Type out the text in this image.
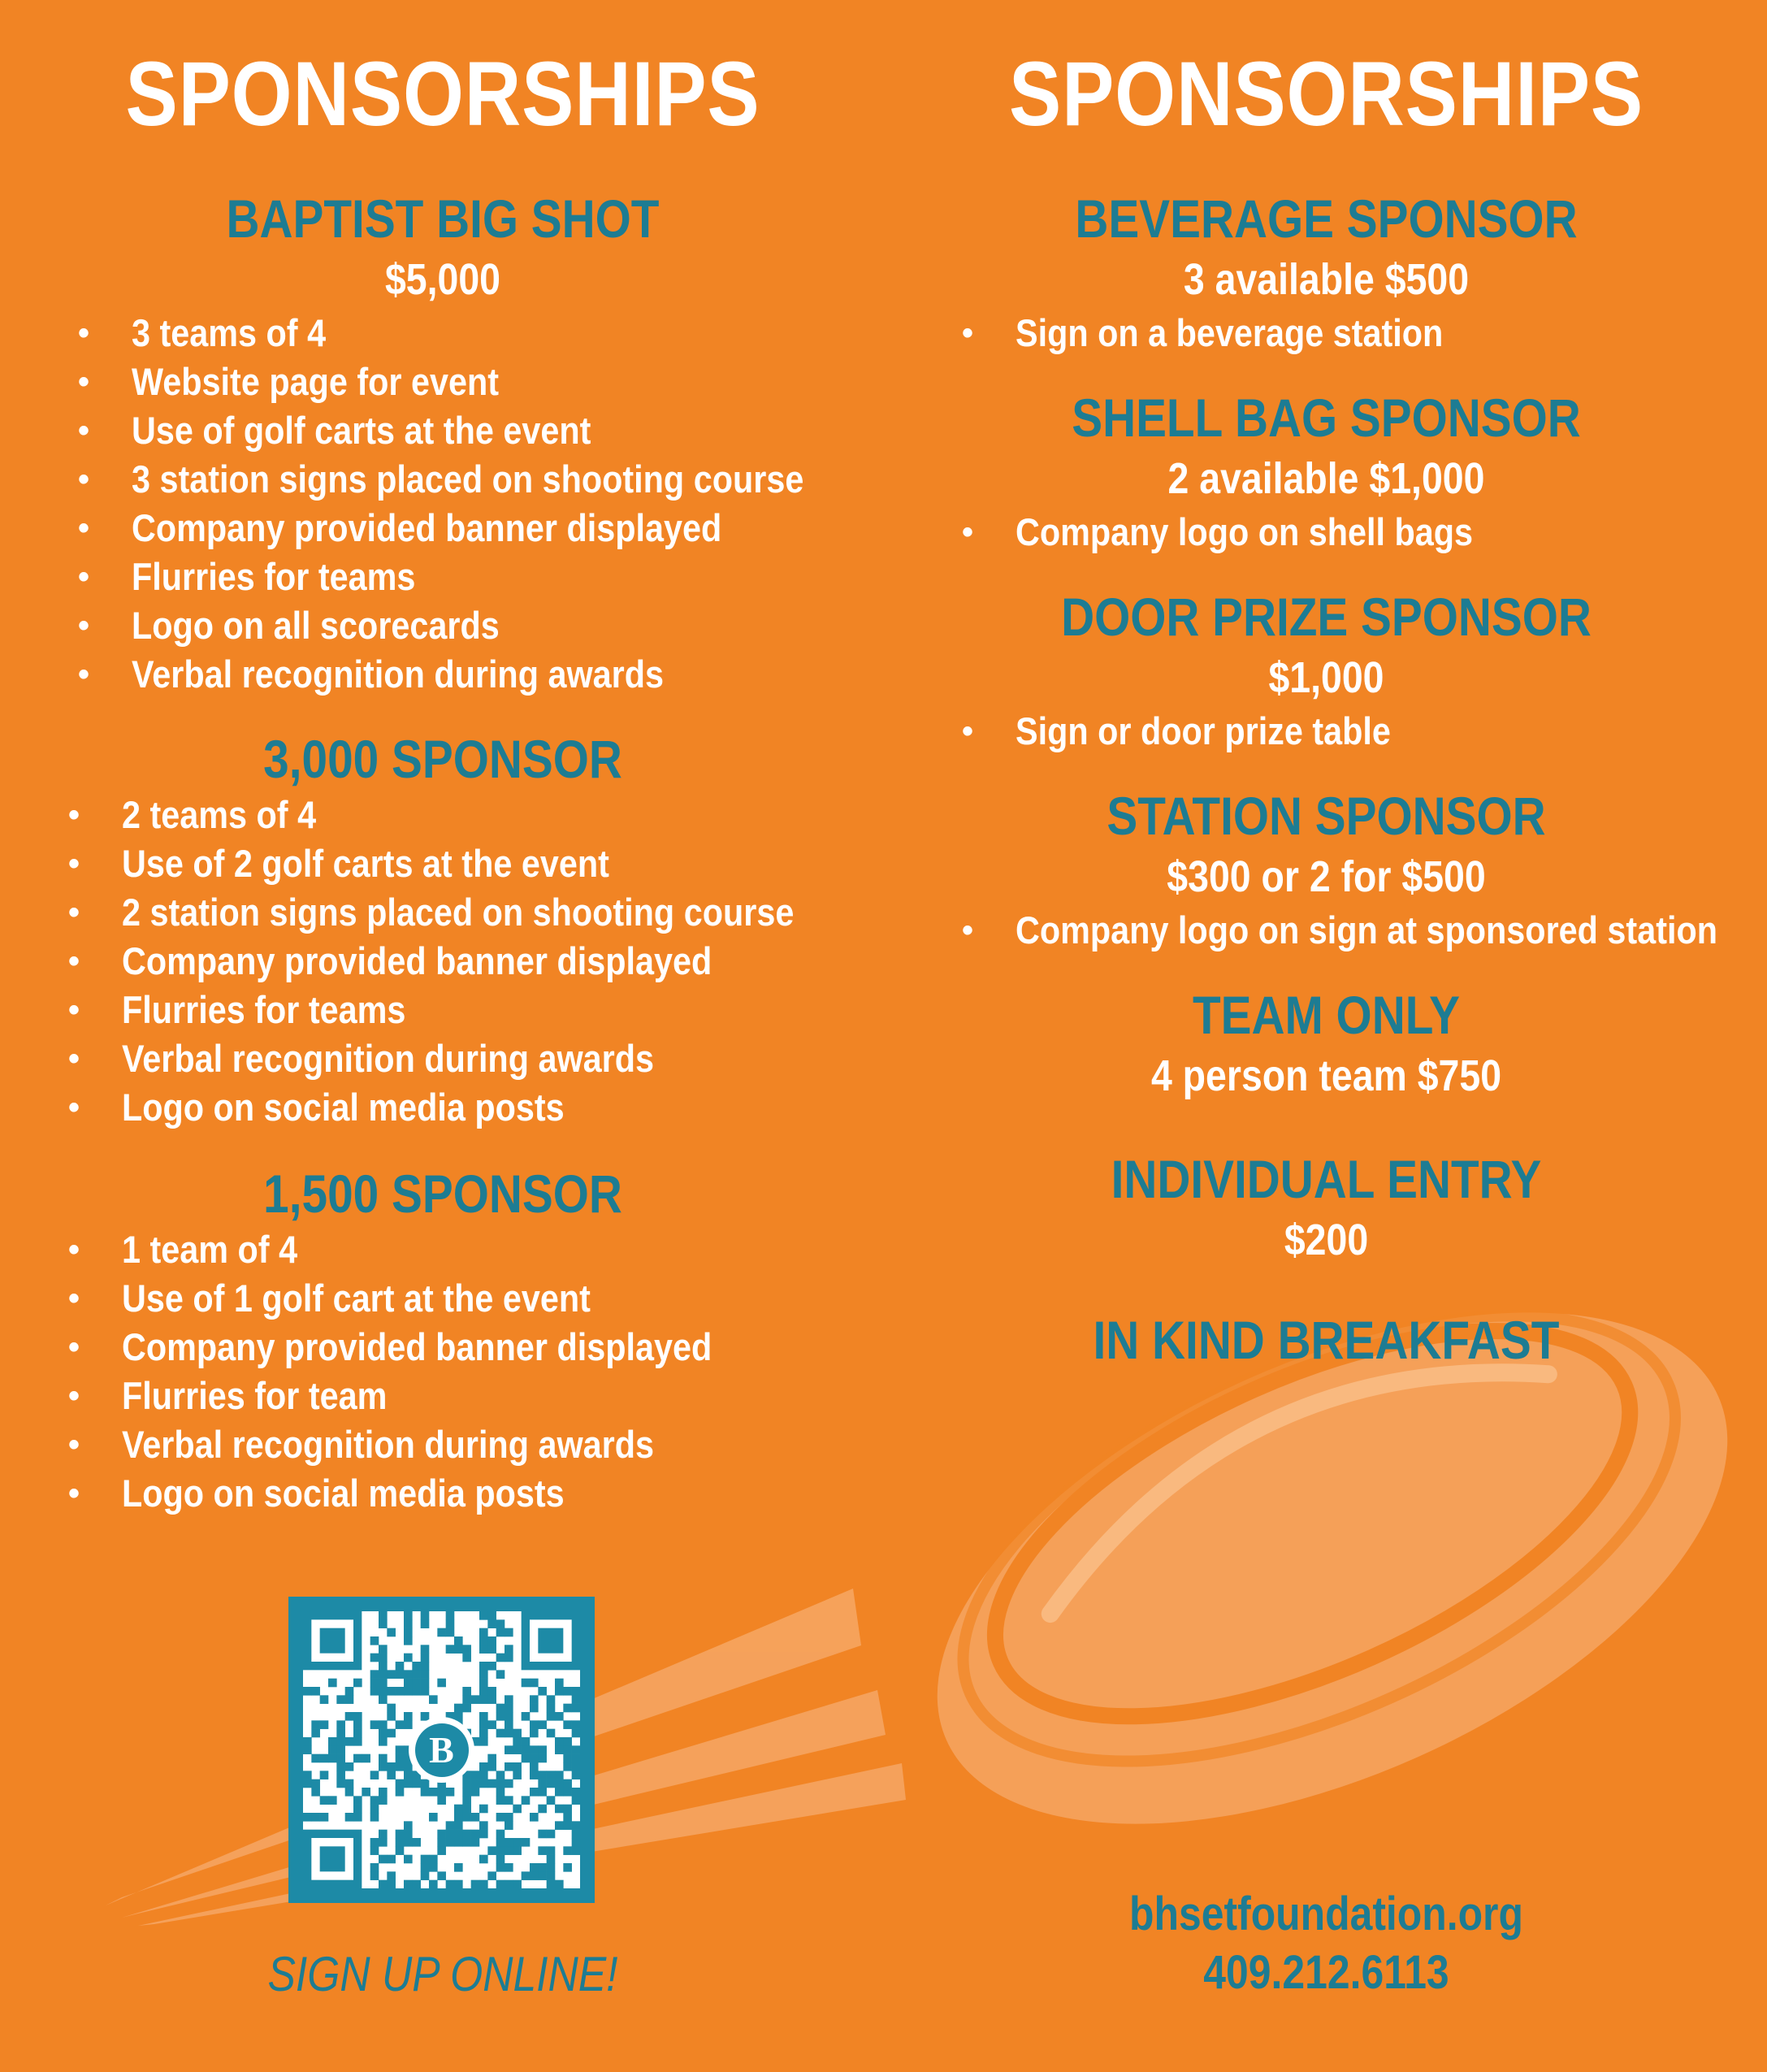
SPONSORSHIPS
BAPTIST BIG SHOT
$5,000
• 3 teams of 4
• Website page for event
• Use of golf carts at the event
• 3 station signs placed on shooting course
• Company provided banner displayed
• Flurries for teams
• Logo on all scorecards
• Verbal recognition during awards
3,000 SPONSOR
• 2 teams of 4
• Use of 2 golf carts at the event
• 2 station signs placed on shooting course
• Company provided banner displayed
• Flurries for teams
• Verbal recognition during awards
• Logo on social media posts
1,500 SPONSOR
• 1 team of 4
• Use of 1 golf cart at the event
• Company provided banner displayed
• Flurries for team
• Verbal recognition during awards
• Logo on social media posts
B
SIGN UP ONLINE!
SPONSORSHIPS
BEVERAGE SPONSOR
3 available $500
• Sign on a beverage station
SHELL BAG SPONSOR
2 available $1,000
• Company logo on shell bags
DOOR PRIZE SPONSOR
$1,000
• Sign or door prize table
STATION SPONSOR
$300 or 2 for $500
• Company logo on sign at sponsored station
TEAM ONLY
4 person team $750
INDIVIDUAL ENTRY
$200
IN KIND BREAKFAST
bhsetfoundation.org
409.212.6113
